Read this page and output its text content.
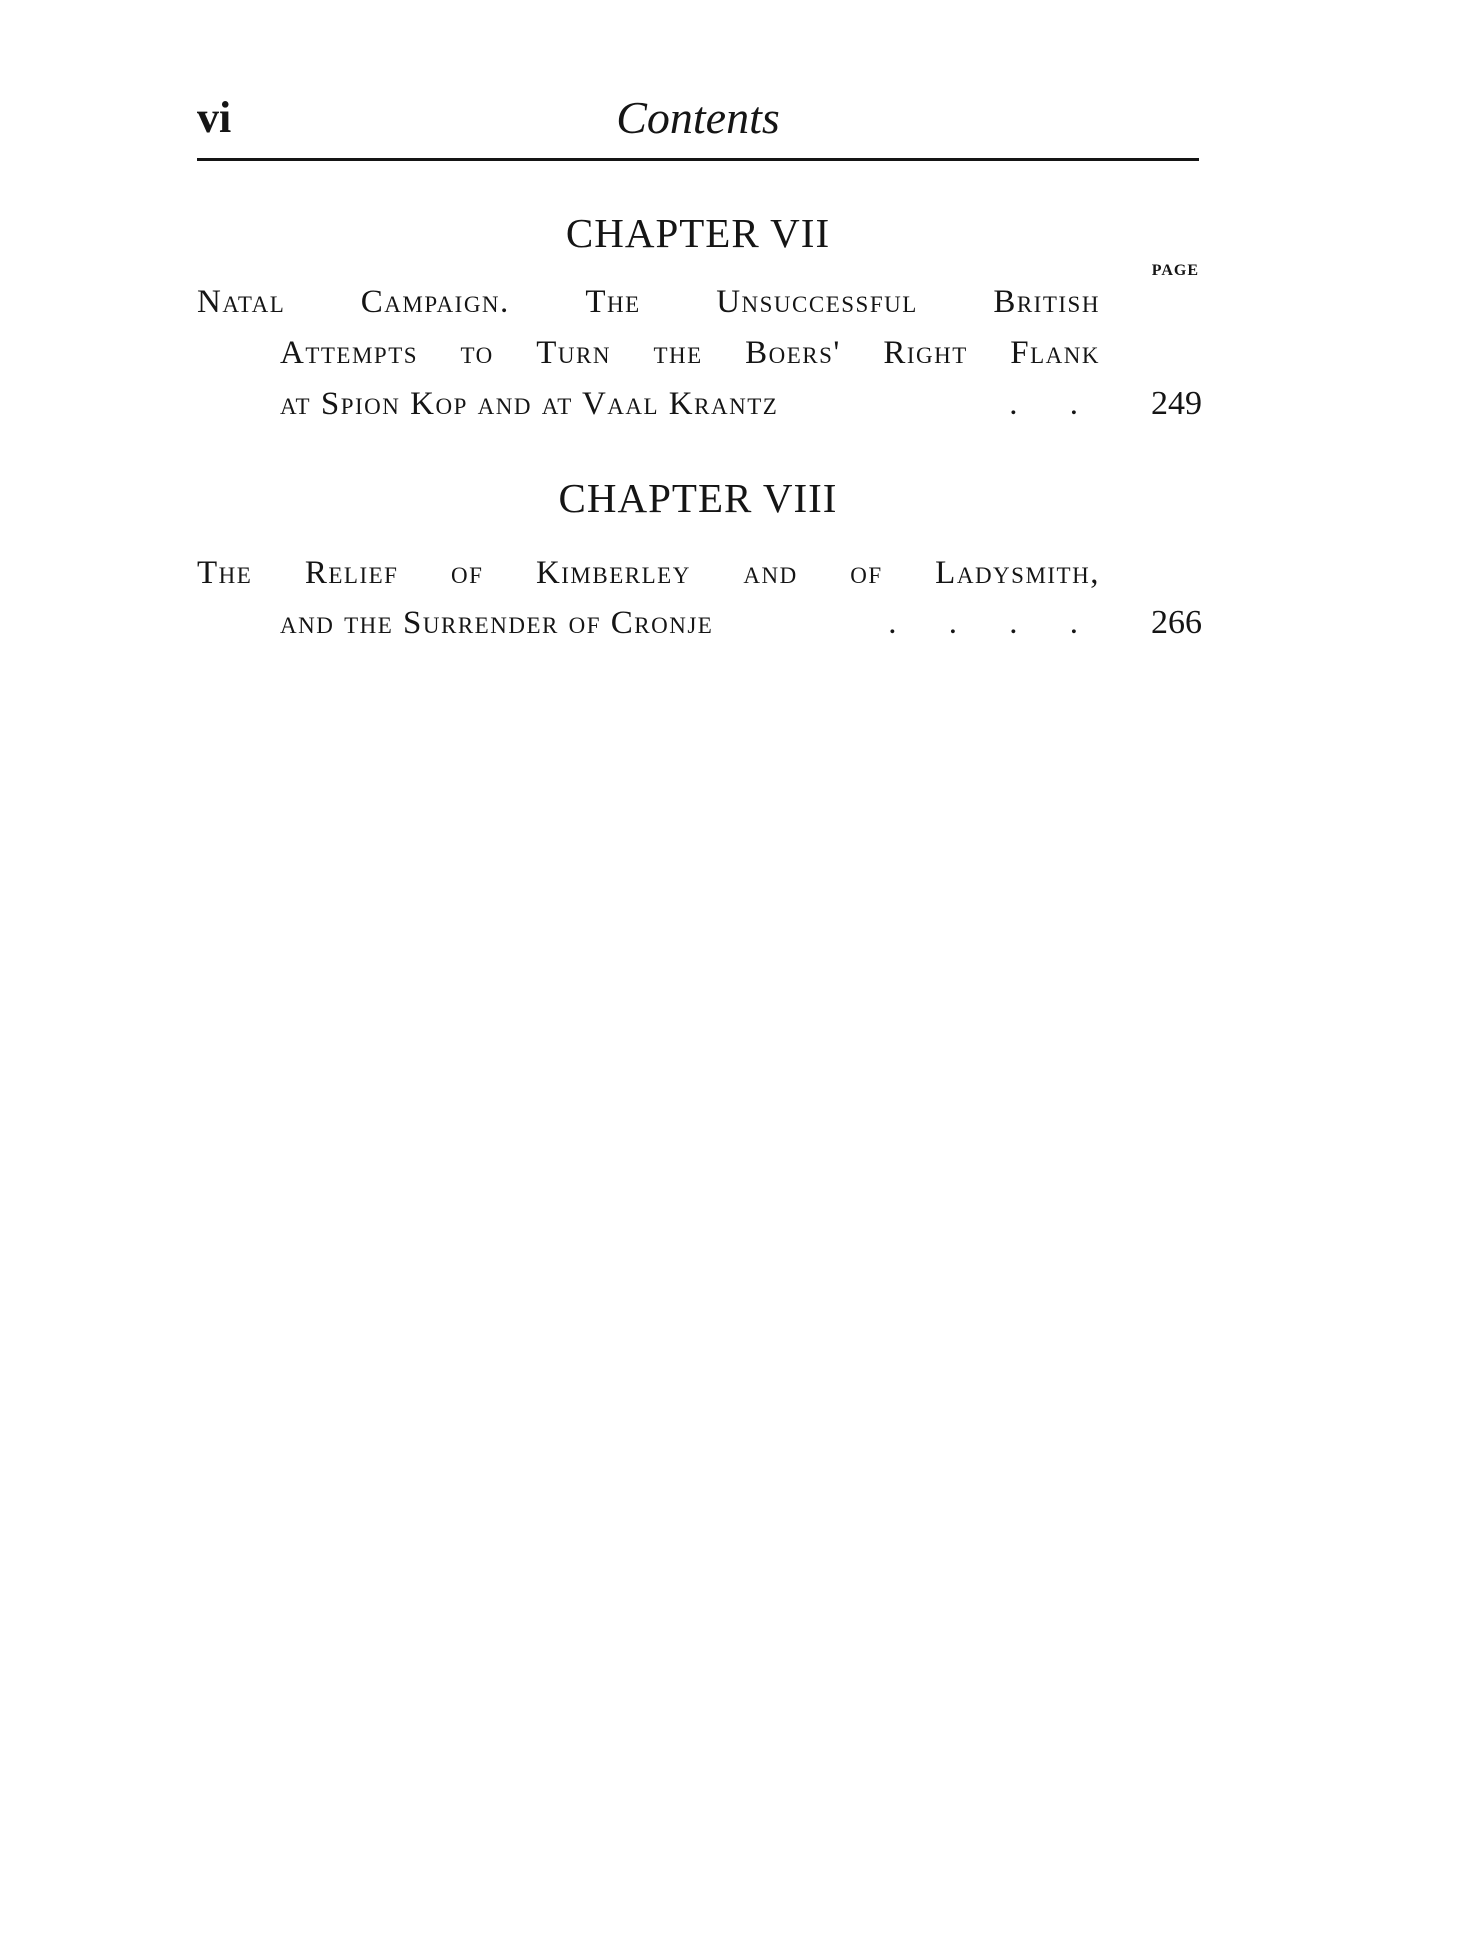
vi	Contents
CHAPTER VII
PAGE
Natal Campaign. The Unsuccessful British
Attempts to Turn the Boers' Right Flank
at Spion Kop and at Vaal Krantz	. . 249
CHAPTER VIII
The Relief of Kimberley and of Ladysmith,
and the Surrender of Cronje	. . . . 266
